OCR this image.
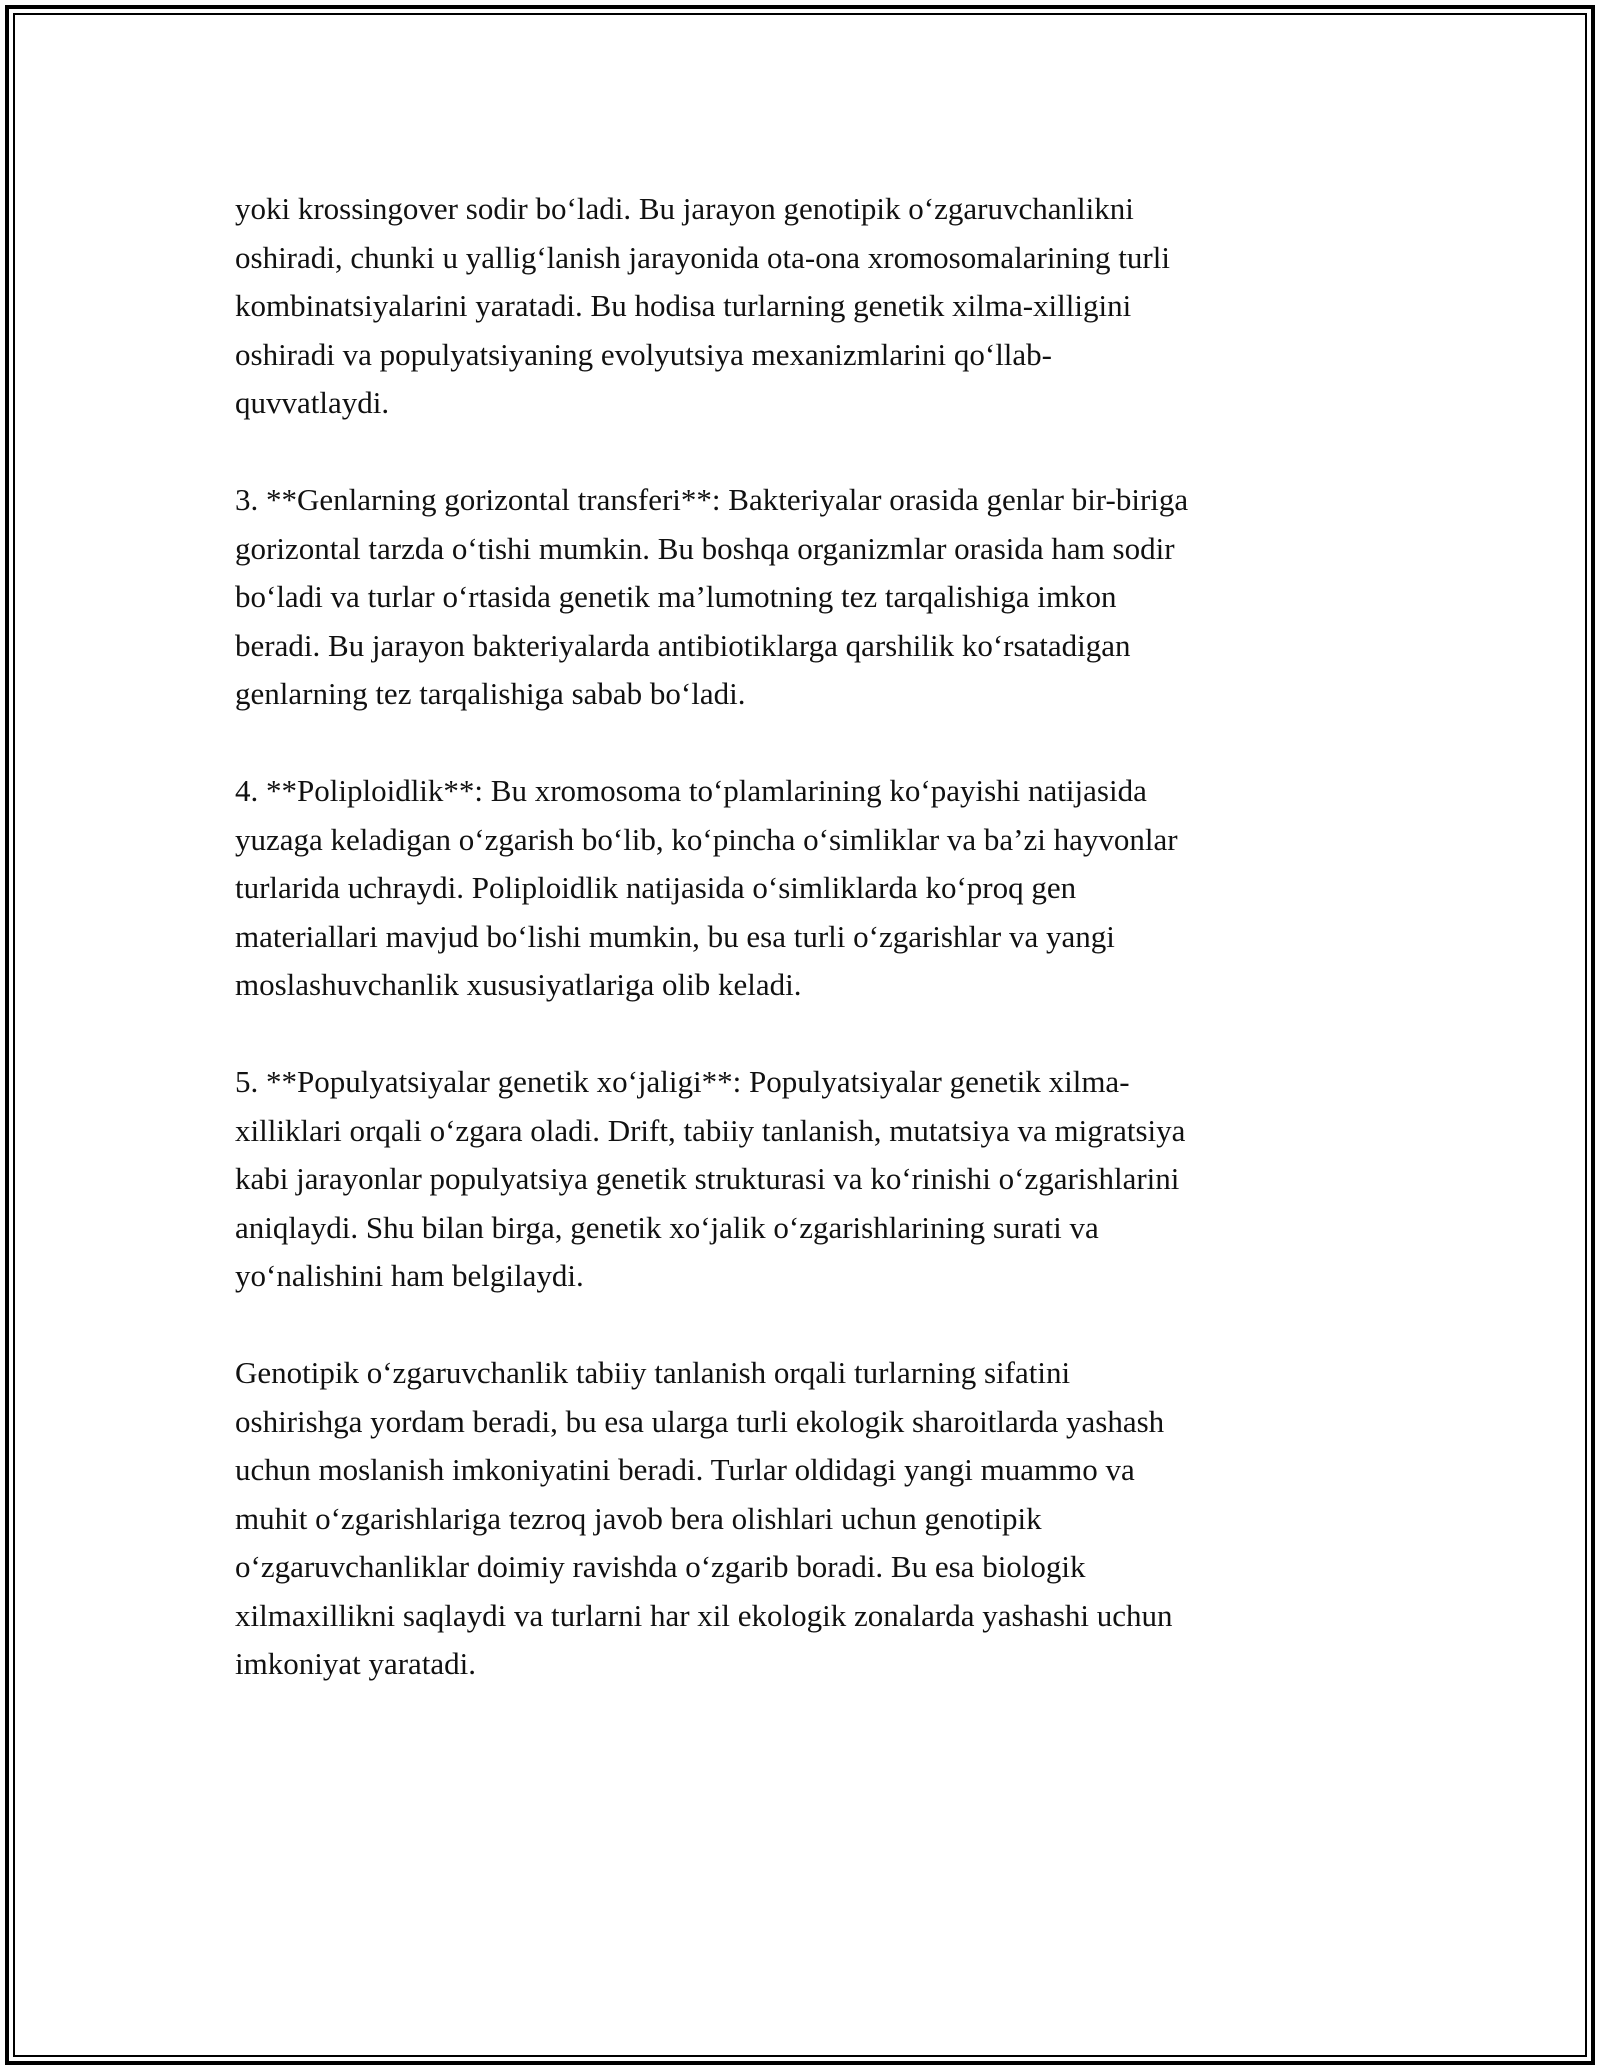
yoki krossingover sodir bo‘ladi. Bu jarayon genotipik o‘zgaruvchanlikni
oshiradi, chunki u yallig‘lanish jarayonida ota-ona xromosomalarining turli
kombinatsiyalarini yaratadi. Bu hodisa turlarning genetik xilma-xilligini
oshiradi va populyatsiyaning evolyutsiya mexanizmlarini qo‘llab-
quvvatlaydi.

3. **Genlarning gorizontal transferi**: Bakteriyalar orasida genlar bir-biriga
gorizontal tarzda o‘tishi mumkin. Bu boshqa organizmlar orasida ham sodir
bo‘ladi va turlar o‘rtasida genetik ma’lumotning tez tarqalishiga imkon
beradi. Bu jarayon bakteriyalarda antibiotiklarga qarshilik ko‘rsatadigan
genlarning tez tarqalishiga sabab bo‘ladi.

4. **Poliploidlik**: Bu xromosoma to‘plamlarining ko‘payishi natijasida
yuzaga keladigan o‘zgarish bo‘lib, ko‘pincha o‘simliklar va ba’zi hayvonlar
turlarida uchraydi. Poliploidlik natijasida o‘simliklarda ko‘proq gen
materiallari mavjud bo‘lishi mumkin, bu esa turli o‘zgarishlar va yangi
moslashuvchanlik xususiyatlariga olib keladi.

5. **Populyatsiyalar genetik xo‘jaligi**: Populyatsiyalar genetik xilma-
xilliklari orqali o‘zgara oladi. Drift, tabiiy tanlanish, mutatsiya va migratsiya
kabi jarayonlar populyatsiya genetik strukturasi va ko‘rinishi o‘zgarishlarini
aniqlaydi. Shu bilan birga, genetik xo‘jalik o‘zgarishlarining surati va
yo‘nalishini ham belgilaydi.

Genotipik o‘zgaruvchanlik tabiiy tanlanish orqali turlarning sifatini
oshirishga yordam beradi, bu esa ularga turli ekologik sharoitlarda yashash
uchun moslanish imkoniyatini beradi. Turlar oldidagi yangi muammo va
muhit o‘zgarishlariga tezroq javob bera olishlari uchun genotipik
o‘zgaruvchanliklar doimiy ravishda o‘zgarib boradi. Bu esa biologik
xilmaxillikni saqlaydi va turlarni har xil ekologik zonalarda yashashi uchun
imkoniyat yaratadi.
